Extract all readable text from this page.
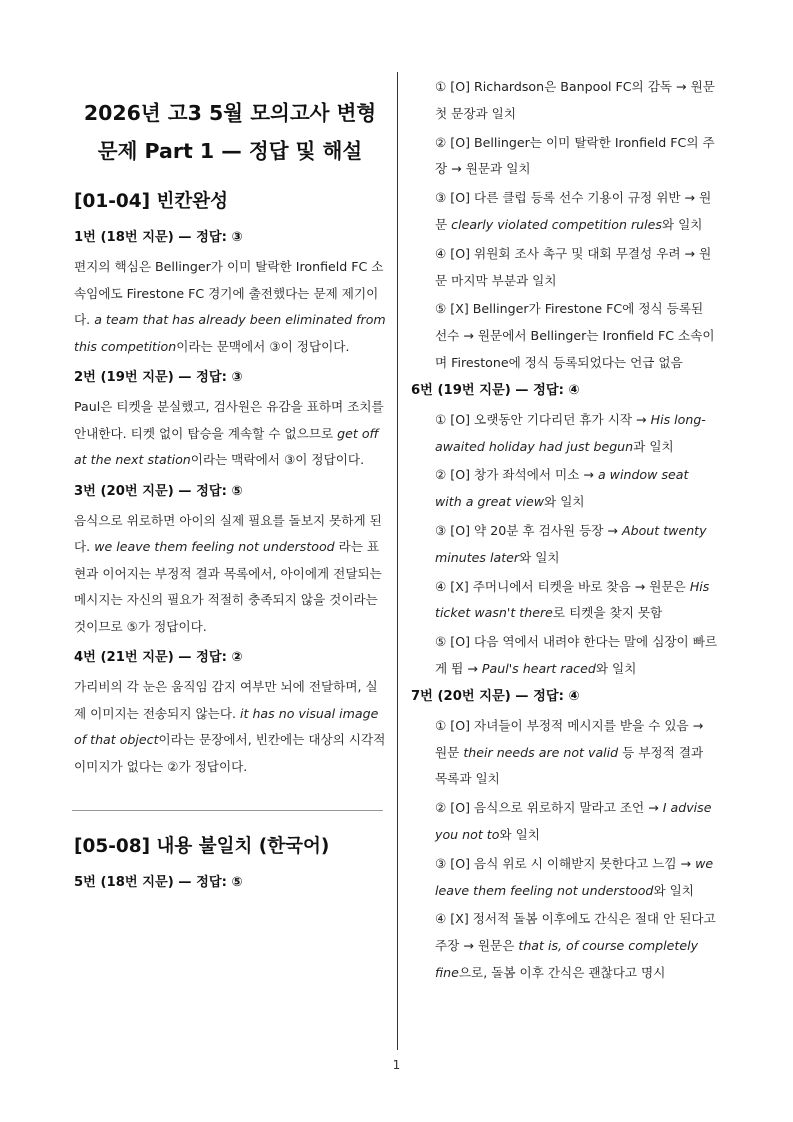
2026년 고3 5월 모의고사 변형문제 Part 1 — 정답 및 해설
[01-04] 빈칸완성
1번 (18번 지문) — 정답: ③
편지의 핵심은 Bellinger가 이미 탈락한 Ironfield FC 소속임에도 Firestone FC 경기에 출전했다는 문제 제기이다. a team that has already been eliminated from this competition이라는 문맥에서 ③이 정답이다.
2번 (19번 지문) — 정답: ③
Paul은 티켓을 분실했고, 검사원은 유감을 표하며 조치를 안내한다. 티켓 없이 탑승을 계속할 수 없으므로 get off at the next station이라는 맥락에서 ③이 정답이다.
3번 (20번 지문) — 정답: ⑤
음식으로 위로하면 아이의 실제 필요를 돌보지 못하게 된다. we leave them feeling not understood 라는 표현과 이어지는 부정적 결과 목록에서, 아이에게 전달되는 메시지는 자신의 필요가 적절히 충족되지 않을 것이라는 것이므로 ⑤가 정답이다.
4번 (21번 지문) — 정답: ②
가리비의 각 눈은 움직임 감지 여부만 뇌에 전달하며, 실제 이미지는 전송되지 않는다. it has no visual image of that object이라는 문장에서, 빈칸에는 대상의 시각적 이미지가 없다는 ②가 정답이다.
[05-08] 내용 불일치 (한국어)
5번 (18번 지문) — 정답: ⑤
① [O] Richardson은 Banpool FC의 감독 → 원문 첫 문장과 일치
② [O] Bellinger는 이미 탈락한 Ironfield FC의 주장 → 원문과 일치
③ [O] 다른 클럽 등록 선수 기용이 규정 위반 → 원문 clearly violated competition rules와 일치
④ [O] 위원회 조사 촉구 및 대회 무결성 우려 → 원문 마지막 부분과 일치
⑤ [X] Bellinger가 Firestone FC에 정식 등록된 선수 → 원문에서 Bellinger는 Ironfield FC 소속이며 Firestone에 정식 등록되었다는 언급 없음
6번 (19번 지문) — 정답: ④
① [O] 오랫동안 기다리던 휴가 시작 → His long-awaited holiday had just begun과 일치
② [O] 창가 좌석에서 미소 → a window seat with a great view와 일치
③ [O] 약 20분 후 검사원 등장 → About twenty minutes later와 일치
④ [X] 주머니에서 티켓을 바로 찾음 → 원문은 His ticket wasn't there로 티켓을 찾지 못함
⑤ [O] 다음 역에서 내려야 한다는 말에 심장이 빠르게 뜀 → Paul's heart raced와 일치
7번 (20번 지문) — 정답: ④
① [O] 자녀들이 부정적 메시지를 받을 수 있음 → 원문 their needs are not valid 등 부정적 결과 목록과 일치
② [O] 음식으로 위로하지 말라고 조언 → I advise you not to와 일치
③ [O] 음식 위로 시 이해받지 못한다고 느낌 → we leave them feeling not understood와 일치
④ [X] 정서적 돌봄 이후에도 간식은 절대 안 된다고 주장 → 원문은 that is, of course completely fine으로, 돌봄 이후 간식은 괜찮다고 명시
1
